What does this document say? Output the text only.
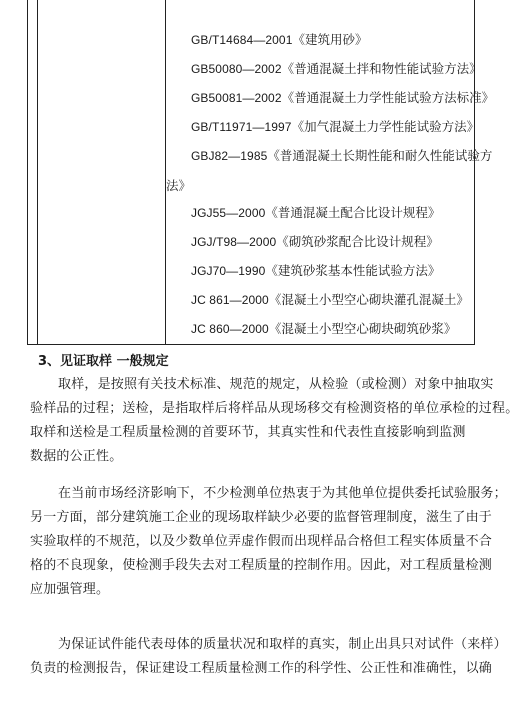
GB/T14684—2001《建筑用砂》
GB50080—2002《普通混凝土拌和物性能试验方法》
GB50081—2002《普通混凝土力学性能试验方法标准》
GB/T11971—1997《加气混凝土力学性能试验方法》
GBJ82—1985《普通混凝土长期性能和耐久性能试验方
JGJ55—2000《普通混凝土配合比设计规程》
JGJ/T98—2000《砌筑砂浆配合比设计规程》
JGJ70—1990《建筑砂浆基本性能试验方法》
JC 861—2000《混凝土小型空心砌块灌孔混凝土》
JC 860—2000《混凝土小型空心砌块砌筑砂浆》
法》
3、见证取样 一般规定
取样，是按照有关技术标准、规范的规定，从检验（或检测）对象中抽取实
验样品的过程；送检，是指取样后将样品从现场移交有检测资格的单位承检的过程。
取样和送检是工程质量检测的首要环节，其真实性和代表性直接影响到监测
数据的公正性。
在当前市场经济影响下，不少检测单位热衷于为其他单位提供委托试验服务；
另一方面，部分建筑施工企业的现场取样缺少必要的监督管理制度，滋生了由于
实验取样的不规范，以及少数单位弄虚作假而出现样品合格但工程实体质量不合
格的不良现象，使检测手段失去对工程质量的控制作用。因此，对工程质量检测
应加强管理。
为保证试件能代表母体的质量状况和取样的真实，制止出具只对试件（来样）
负责的检测报告，保证建设工程质量检测工作的科学性、公正性和准确性，以确
